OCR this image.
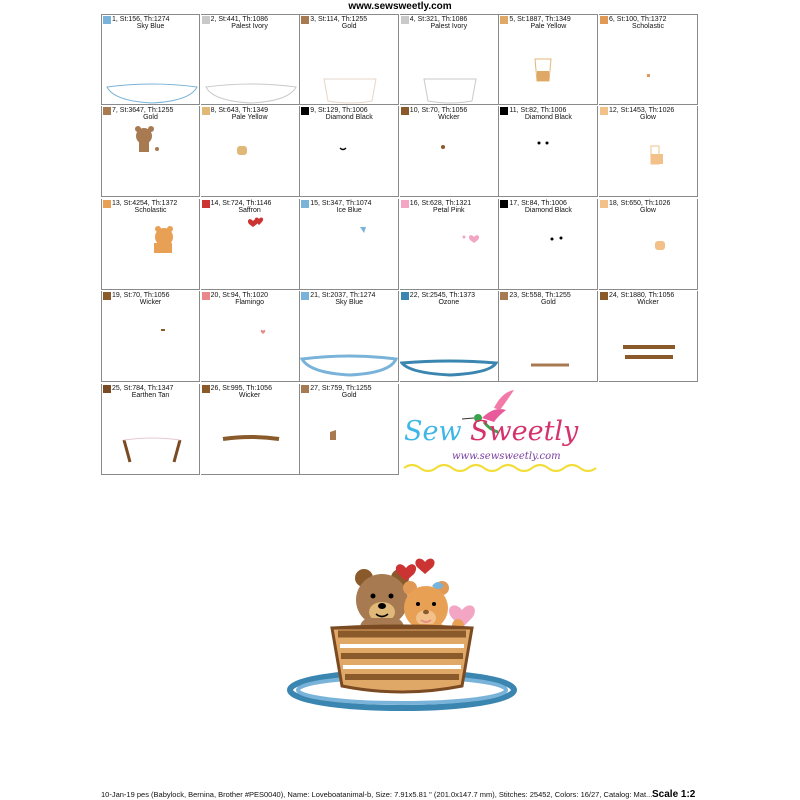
www.sewsweetly.com
1, St:156, Th:1274
Sky Blue
2, St:441, Th:1086
Palest Ivory
3, St:114, Th:1255
Gold
4, St:321, Th:1086
Palest Ivory
5, St:1887, Th:1349
Pale Yellow
6, St:100, Th:1372
Scholastic
7, St:3647, Th:1255
Gold
8, St:643, Th:1349
Pale Yellow
9, St:129, Th:1006
Diamond Black
10, St:70, Th:1056
Wicker
11, St:82, Th:1006
Diamond Black
12, St:1453, Th:1026
Glow
13, St:4254, Th:1372
Scholastic
14, St:724, Th:1146
Saffron
15, St:347, Th:1074
Ice Blue
16, St:628, Th:1321
Petal Pink
17, St:84, Th:1006
Diamond Black
18, St:650, Th:1026
Glow
19, St:70, Th:1056
Wicker
20, St:94, Th:1020
Flamingo
21, St:2037, Th:1274
Sky Blue
22, St:2545, Th:1373
Ozone
23, St:558, Th:1255
Gold
24, St:1880, Th:1056
Wicker
25, St:784, Th:1347
Earthen Tan
26, St:995, Th:1056
Wicker
27, St:759, Th:1255
Gold
Sew Sweetly
www.sewsweetly.com
10-Jan-19 pes (Babylock, Bernina, Brother #PES0040), Name: Loveboatanimal-b, Size: 7.91x5.81 " (201.0x147.7 mm), Stitches: 25452, Colors: 16/27, Catalog: Mat... Scale 1:2
